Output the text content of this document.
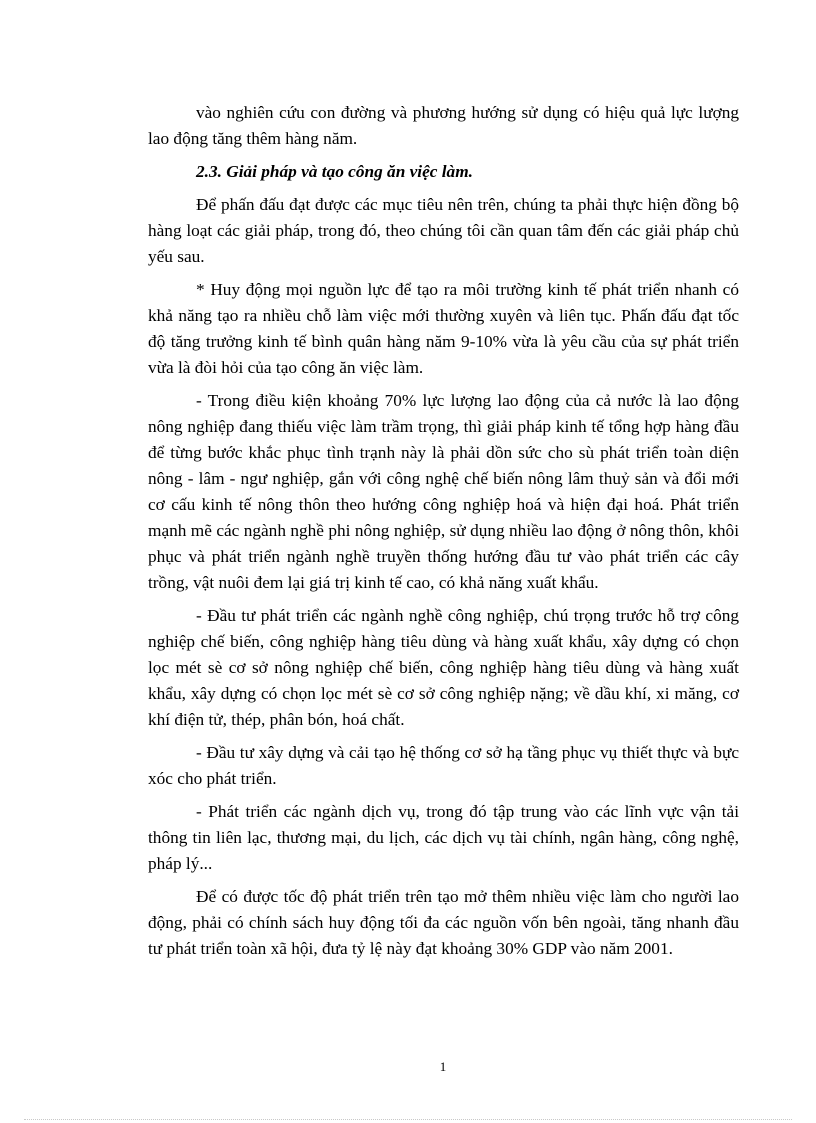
vào nghiên cứu con đường và phương hướng sử dụng có hiệu quả lực lượng lao động tăng thêm hàng năm.

2.3. Giải pháp và tạo công ăn việc làm.

Để phấn đấu đạt được các mục tiêu nên trên, chúng ta phải thực hiện đồng bộ hàng loạt các giải pháp, trong đó, theo chúng tôi cần quan tâm đến các giải pháp chủ yếu sau.

* Huy động mọi nguồn lực để tạo ra môi trường kinh tế phát triển nhanh có khả năng tạo ra nhiều chỗ làm việc mới thường xuyên và liên tục. Phấn đấu đạt tốc độ tăng trưởng kinh tế bình quân hàng năm 9-10% vừa là yêu cầu của sự phát triển vừa là đòi hỏi của tạo công ăn việc làm.

- Trong điều kiện khoảng 70% lực lượng lao động của cả nước là lao động nông nghiệp đang thiếu việc làm trầm trọng, thì giải pháp kinh tế tổng hợp hàng đầu để từng bước khắc phục tình trạnh này là phải dồn sức cho sù phát triển toàn diện nông - lâm - ngư nghiệp, gắn với công nghệ chế biến nông lâm thuỷ sản và đổi mới cơ cấu kinh tế nông thôn theo hướng công nghiệp hoá và hiện đại hoá. Phát triển mạnh mẽ các ngành nghề phi nông nghiệp, sử dụng nhiều lao động ở nông thôn, khôi phục và phát triển ngành nghề truyền thống hướng đầu tư vào phát triển các cây trồng, vật nuôi đem lại giá trị kinh tế cao, có khả năng xuất khẩu.

- Đầu tư phát triển các ngành nghề công nghiệp, chú trọng trước hỗ trợ công nghiệp chế biến, công nghiệp hàng tiêu dùng và hàng xuất khẩu, xây dựng có chọn lọc mét sè cơ sở nông nghiệp chế biến, công nghiệp hàng tiêu dùng và hàng xuất khẩu, xây dựng có chọn lọc mét sè cơ sở công nghiệp nặng; về dầu khí, xi măng, cơ khí điện tử, thép, phân bón, hoá chất.

- Đầu tư xây dựng và cải tạo hệ thống cơ sở hạ tầng phục vụ thiết thực và bực xóc cho phát triển.

- Phát triển các ngành dịch vụ, trong đó tập trung vào các lĩnh vực vận tải thông tin liên lạc, thương mại, du lịch, các dịch vụ tài chính, ngân hàng, công nghệ, pháp lý...

Để có được tốc độ phát triển trên tạo mở thêm nhiều việc làm cho người lao động, phải có chính sách huy động tối đa các nguồn vốn bên ngoài, tăng nhanh đầu tư phát triển toàn xã hội, đưa tỷ lệ này đạt khoảng 30% GDP vào năm 2001.

1
